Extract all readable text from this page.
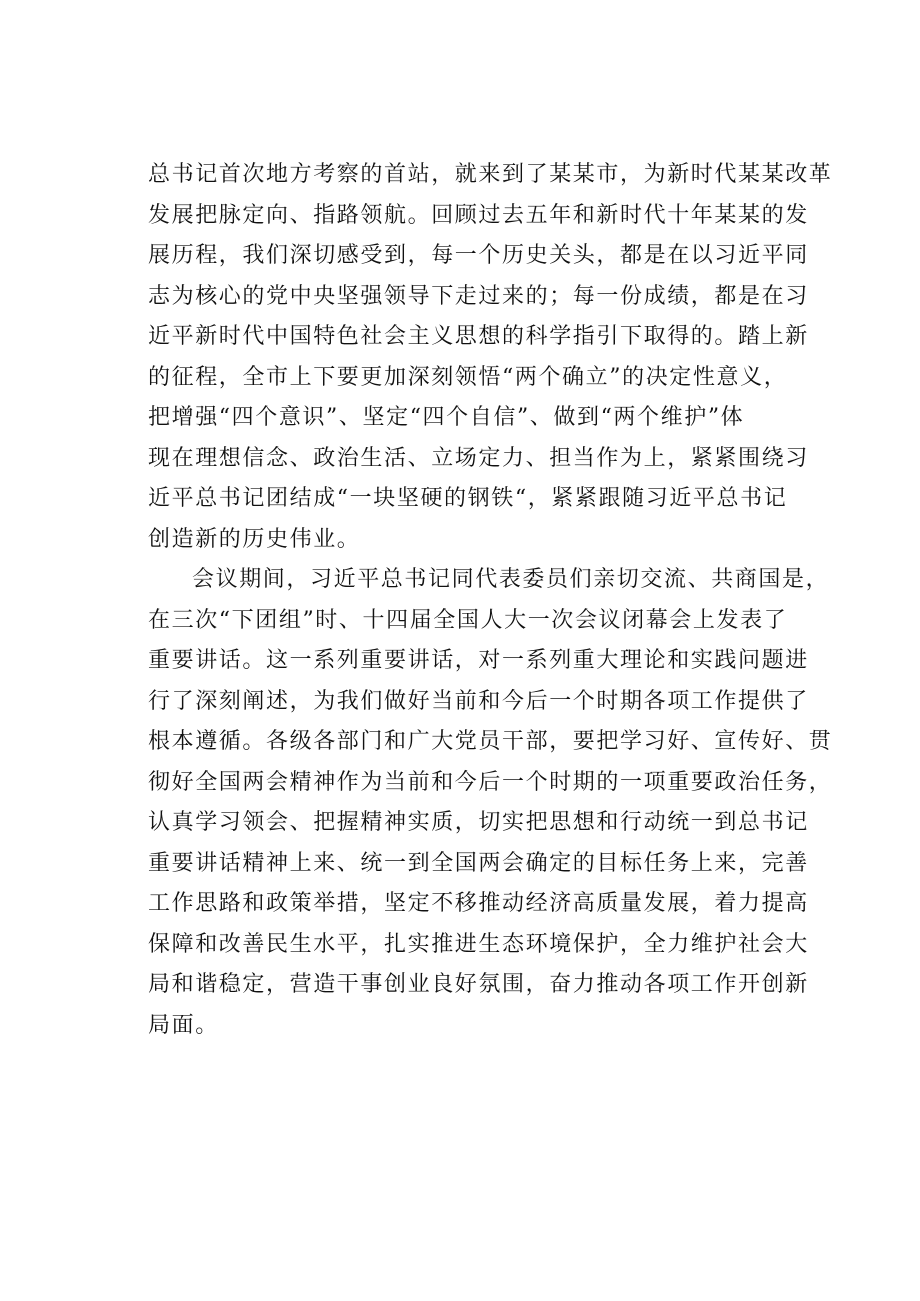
总书记首次地方考察的首站，就来到了某某市，为新时代某某改革
发展把脉定向、指路领航。回顾过去五年和新时代十年某某的发
展历程，我们深切感受到，每一个历史关头，都是在以习近平同
志为核心的党中央坚强领导下走过来的；每一份成绩，都是在习
近平新时代中国特色社会主义思想的科学指引下取得的。踏上新
的征程，全市上下要更加深刻领悟“两个确立”的决定性意义，
把增强“四个意识”、坚定“四个自信”、做到“两个维护”体
现在理想信念、政治生活、立场定力、担当作为上，紧紧围绕习
近平总书记团结成“一块坚硬的钢铁“，紧紧跟随习近平总书记
创造新的历史伟业。
会议期间，习近平总书记同代表委员们亲切交流、共商国是，
在三次“下团组”时、十四届全国人大一次会议闭幕会上发表了
重要讲话。这一系列重要讲话，对一系列重大理论和实践问题进
行了深刻阐述，为我们做好当前和今后一个时期各项工作提供了
根本遵循。各级各部门和广大党员干部，要把学习好、宣传好、贯
彻好全国两会精神作为当前和今后一个时期的一项重要政治任务，
认真学习领会、把握精神实质，切实把思想和行动统一到总书记
重要讲话精神上来、统一到全国两会确定的目标任务上来，完善
工作思路和政策举措，坚定不移推动经济高质量发展，着力提高
保障和改善民生水平，扎实推进生态环境保护，全力维护社会大
局和谐稳定，营造干事创业良好氛围，奋力推动各项工作开创新
局面。
